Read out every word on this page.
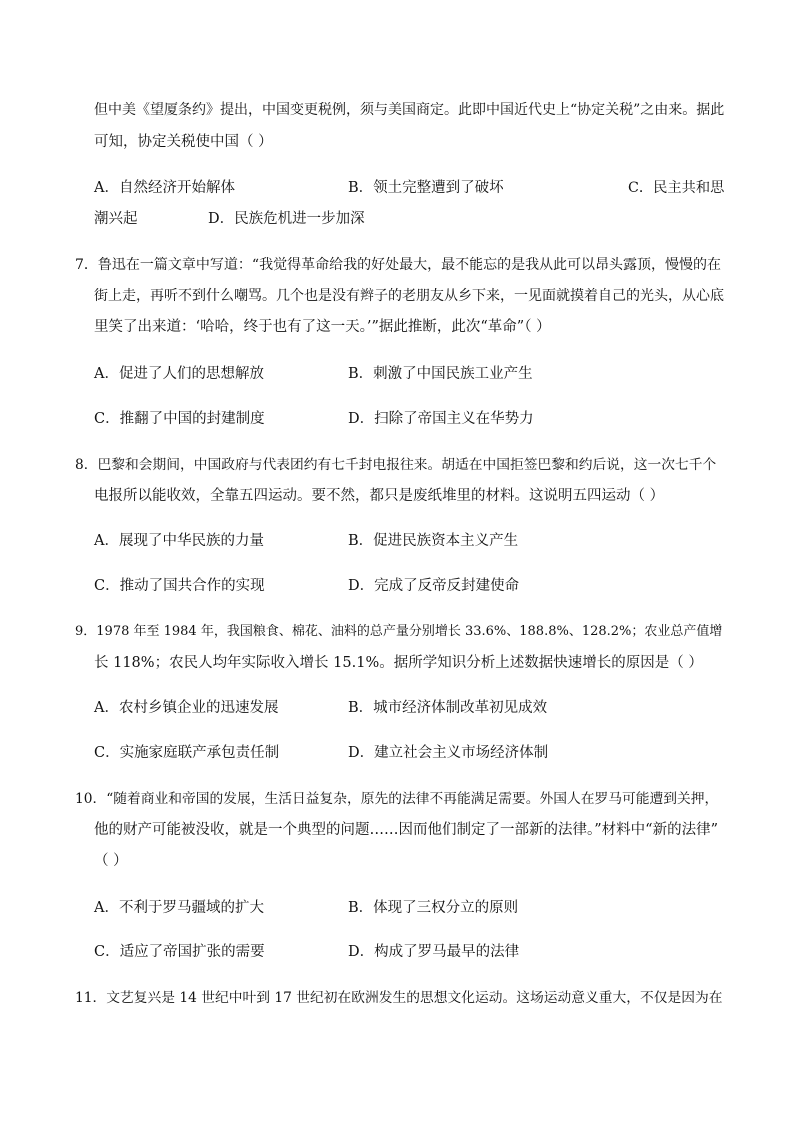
但中美《望厦条约》提出，中国变更税例，须与美国商定。此即中国近代史上“协定关税”之由来。据此
可知，协定关税使中国（ ）
A．自然经济开始解体	B．领土完整遭到了破坏	C．民主共和思
潮兴起	D．民族危机进一步加深
7．鲁迅在一篇文章中写道：“我觉得革命给我的好处最大，最不能忘的是我从此可以昂头露顶，慢慢的在
街上走，再听不到什么嘲骂。几个也是没有辫子的老朋友从乡下来，一见面就摸着自己的光头，从心底
里笑了出来道：‘哈哈，终于也有了这一天。’”据此推断，此次“革命”（ ）
A．促进了人们的思想解放	B．刺激了中国民族工业产生
C．推翻了中国的封建制度	D．扫除了帝国主义在华势力
8．巴黎和会期间，中国政府与代表团约有七千封电报往来。胡适在中国拒签巴黎和约后说，这一次七千个
电报所以能收效，全靠五四运动。要不然，都只是废纸堆里的材料。这说明五四运动（ ）
A．展现了中华民族的力量	B．促进民族资本主义产生
C．推动了国共合作的实现	D．完成了反帝反封建使命
9．1978 年至 1984 年，我国粮食、棉花、油料的总产量分别增长 33.6%、188.8%、128.2%；农业总产值增
长 118%；农民人均年实际收入增长 15.1%。据所学知识分析上述数据快速增长的原因是（ ）
A．农村乡镇企业的迅速发展	B．城市经济体制改革初见成效
C．实施家庭联产承包责任制	D．建立社会主义市场经济体制
10．“随着商业和帝国的发展，生活日益复杂，原先的法律不再能满足需要。外国人在罗马可能遭到关押，
他的财产可能被没收，就是一个典型的问题……因而他们制定了一部新的法律。”材料中“新的法律”
（ ）
A．不利于罗马疆域的扩大	B．体现了三权分立的原则
C．适应了帝国扩张的需要	D．构成了罗马最早的法律
11．文艺复兴是 14 世纪中叶到 17 世纪初在欧洲发生的思想文化运动。这场运动意义重大，不仅是因为在
